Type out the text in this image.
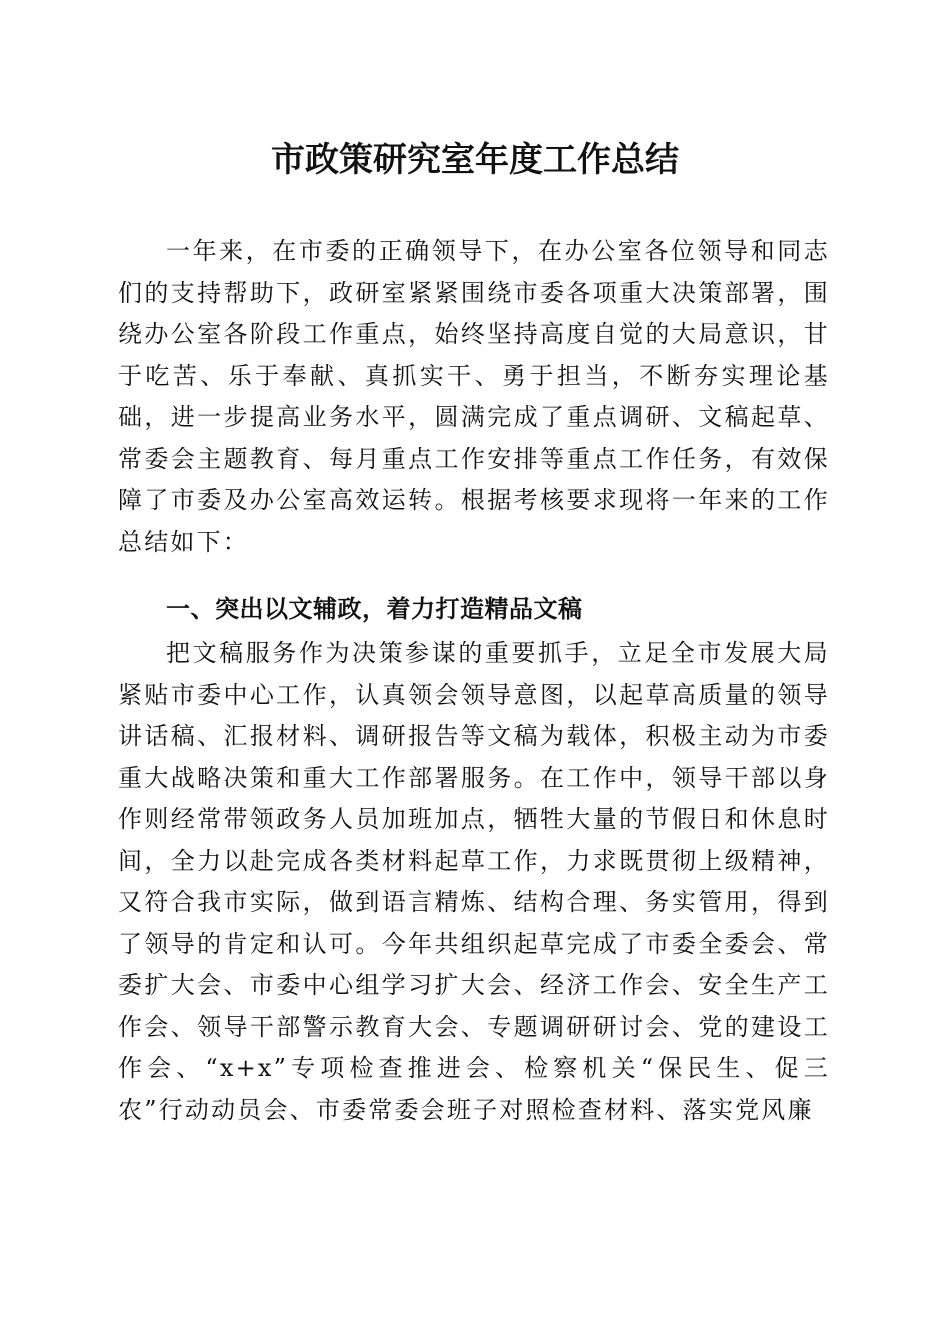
市政策研究室年度工作总结

一年来，在市委的正确领导下，在办公室各位领导和同志们的支持帮助下，政研室紧紧围绕市委各项重大决策部署，围绕办公室各阶段工作重点，始终坚持高度自觉的大局意识，甘于吃苦、乐于奉献、真抓实干、勇于担当，不断夯实理论基础，进一步提高业务水平，圆满完成了重点调研、文稿起草、常委会主题教育、每月重点工作安排等重点工作任务，有效保障了市委及办公室高效运转。根据考核要求现将一年来的工作总结如下：

一、突出以文辅政，着力打造精品文稿

把文稿服务作为决策参谋的重要抓手，立足全市发展大局紧贴市委中心工作，认真领会领导意图，以起草高质量的领导讲话稿、汇报材料、调研报告等文稿为载体，积极主动为市委重大战略决策和重大工作部署服务。在工作中，领导干部以身作则经常带领政务人员加班加点，牺牲大量的节假日和休息时间，全力以赴完成各类材料起草工作，力求既贯彻上级精神，又符合我市实际，做到语言精炼、结构合理、务实管用，得到了领导的肯定和认可。今年共组织起草完成了市委全委会、常委扩大会、市委中心组学习扩大会、经济工作会、安全生产工作会、领导干部警示教育大会、专题调研研讨会、党的建设工作会、“x+x”专项检查推进会、检察机关“保民生、促三农”行动动员会、市委常委会班子对照检查材料、落实党风廉
